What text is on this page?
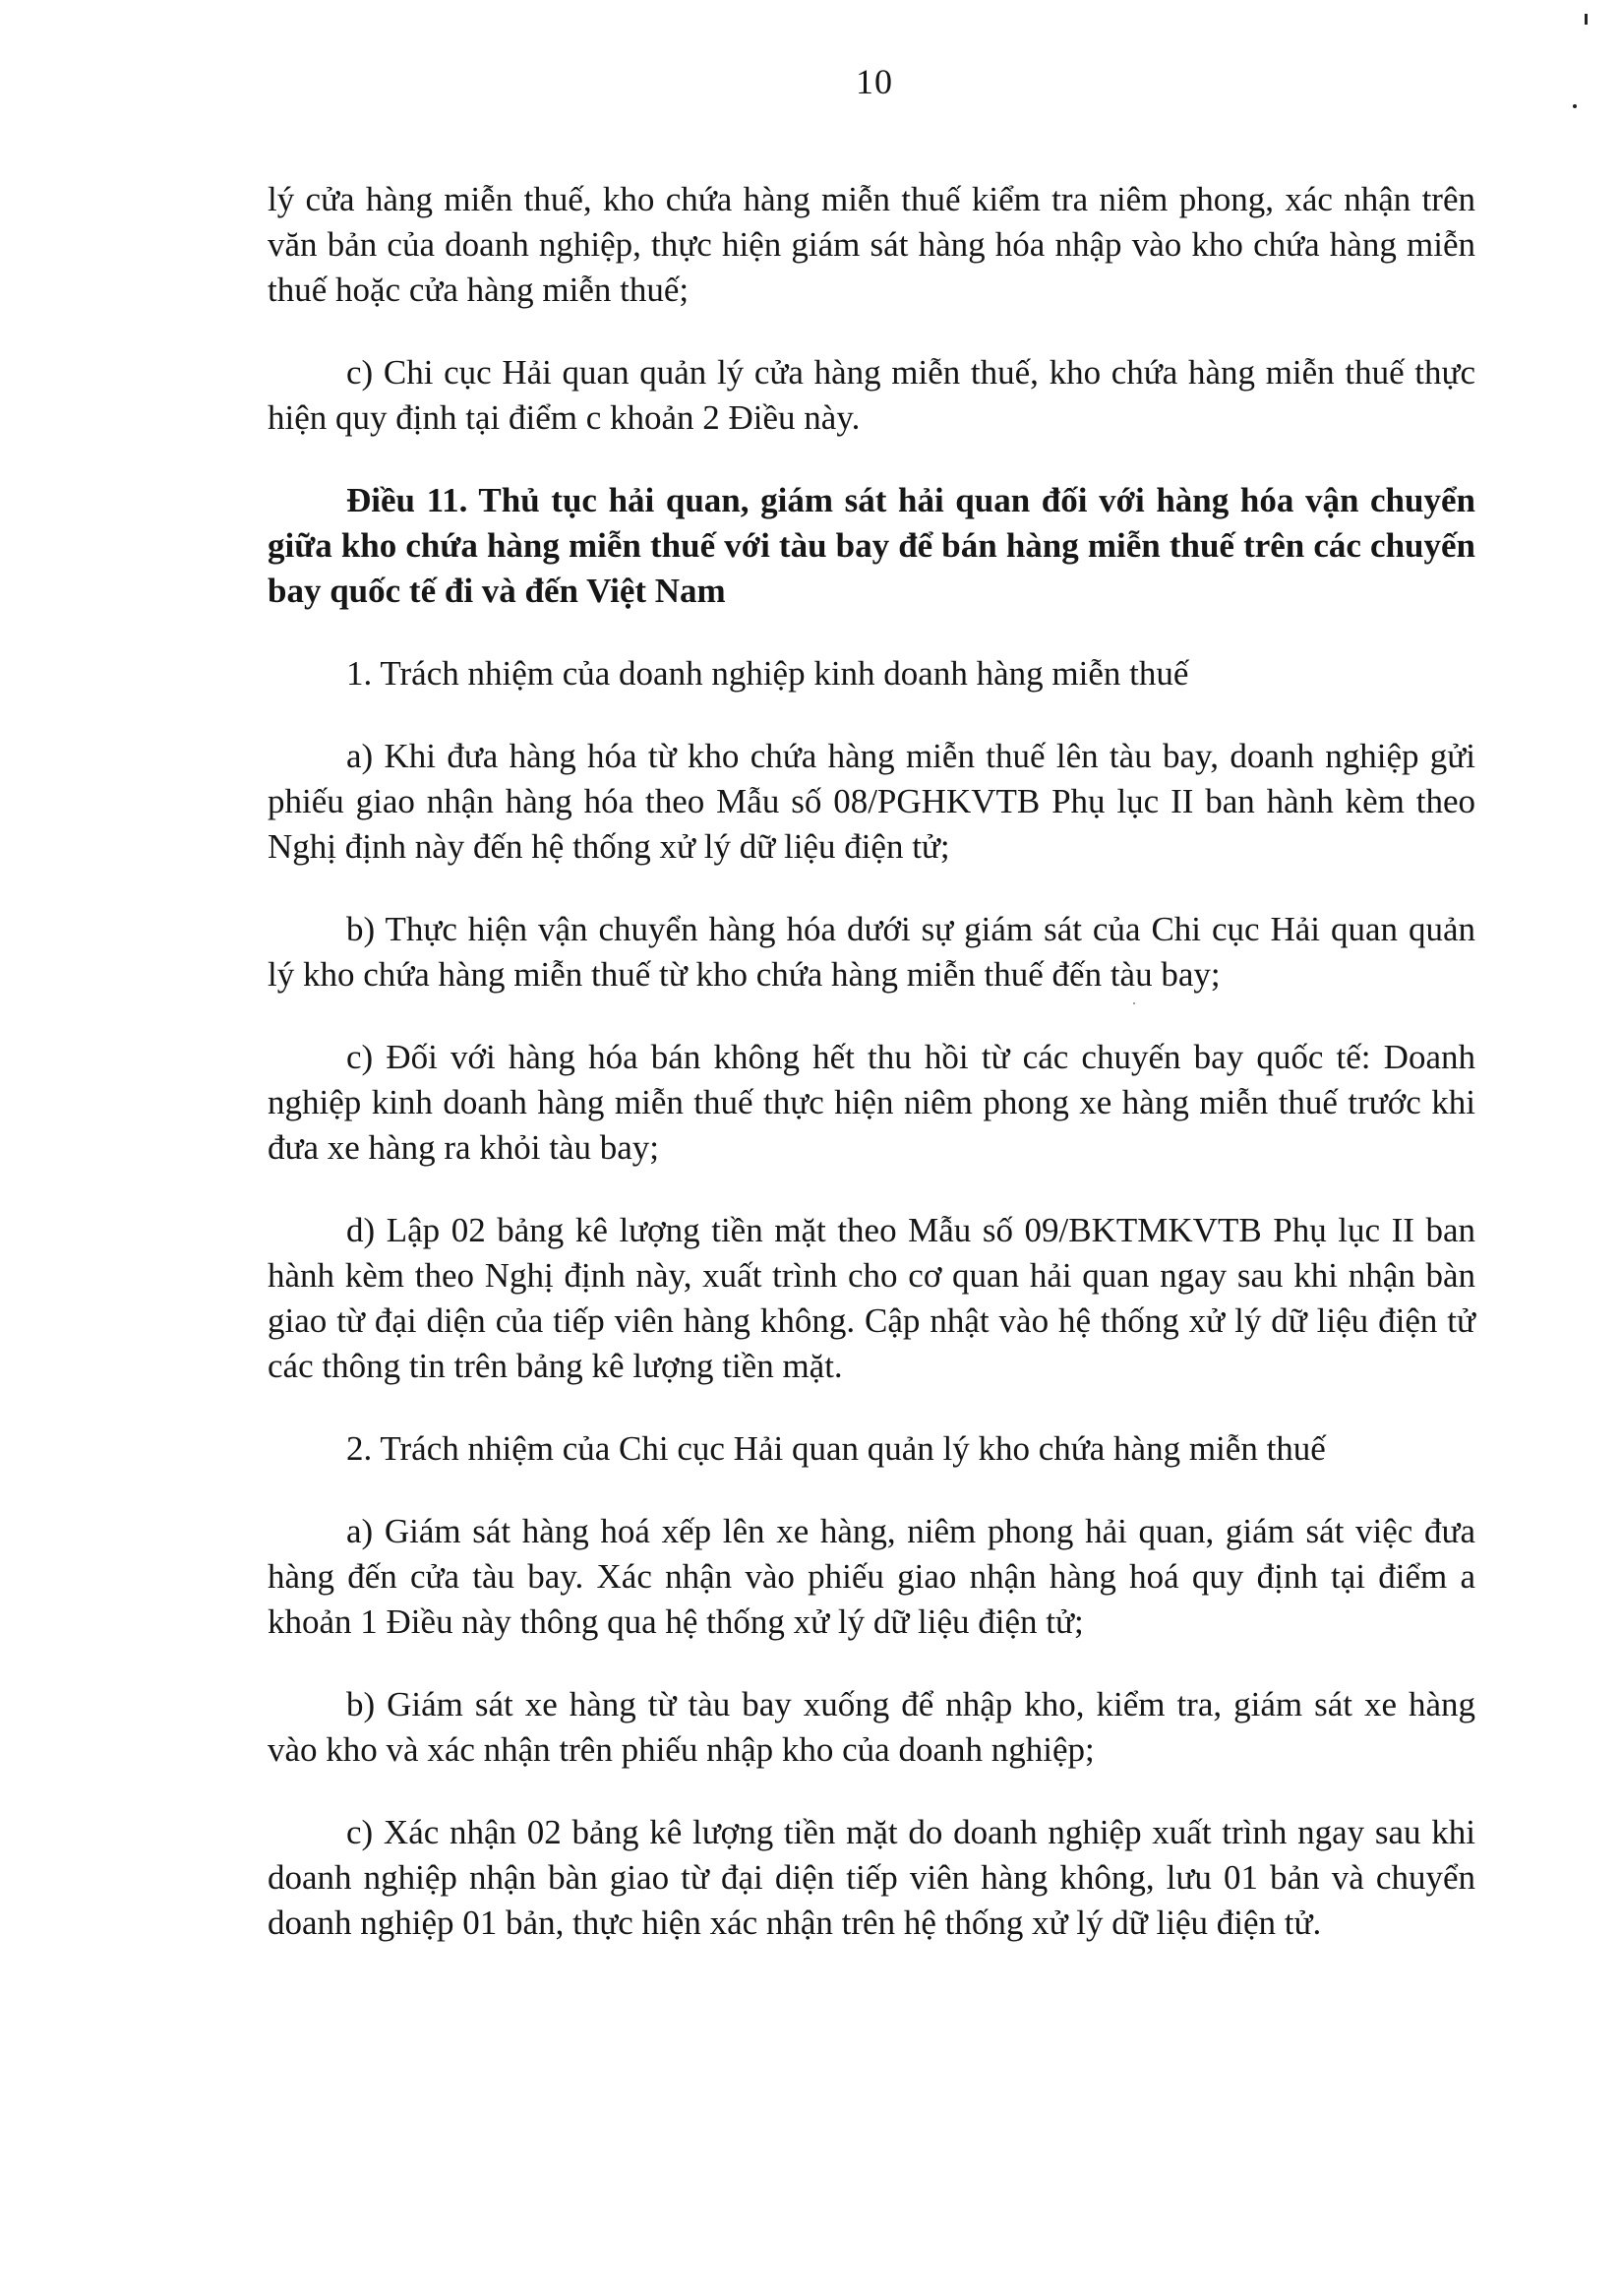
10

lý cửa hàng miễn thuế, kho chứa hàng miễn thuế kiểm tra niêm phong, xác nhận trên văn bản của doanh nghiệp, thực hiện giám sát hàng hóa nhập vào kho chứa hàng miễn thuế hoặc cửa hàng miễn thuế;

c) Chi cục Hải quan quản lý cửa hàng miễn thuế, kho chứa hàng miễn thuế thực hiện quy định tại điểm c khoản 2 Điều này.

Điều 11. Thủ tục hải quan, giám sát hải quan đối với hàng hóa vận chuyển giữa kho chứa hàng miễn thuế với tàu bay để bán hàng miễn thuế trên các chuyến bay quốc tế đi và đến Việt Nam

1. Trách nhiệm của doanh nghiệp kinh doanh hàng miễn thuế

a) Khi đưa hàng hóa từ kho chứa hàng miễn thuế lên tàu bay, doanh nghiệp gửi phiếu giao nhận hàng hóa theo Mẫu số 08/PGHKVTB Phụ lục II ban hành kèm theo Nghị định này đến hệ thống xử lý dữ liệu điện tử;

b) Thực hiện vận chuyển hàng hóa dưới sự giám sát của Chi cục Hải quan quản lý kho chứa hàng miễn thuế từ kho chứa hàng miễn thuế đến tàu bay;

c) Đối với hàng hóa bán không hết thu hồi từ các chuyến bay quốc tế: Doanh nghiệp kinh doanh hàng miễn thuế thực hiện niêm phong xe hàng miễn thuế trước khi đưa xe hàng ra khỏi tàu bay;

d) Lập 02 bảng kê lượng tiền mặt theo Mẫu số 09/BKTMKVTB Phụ lục II ban hành kèm theo Nghị định này, xuất trình cho cơ quan hải quan ngay sau khi nhận bàn giao từ đại diện của tiếp viên hàng không. Cập nhật vào hệ thống xử lý dữ liệu điện tử các thông tin trên bảng kê lượng tiền mặt.

2. Trách nhiệm của Chi cục Hải quan quản lý kho chứa hàng miễn thuế

a) Giám sát hàng hoá xếp lên xe hàng, niêm phong hải quan, giám sát việc đưa hàng đến cửa tàu bay. Xác nhận vào phiếu giao nhận hàng hoá quy định tại điểm a khoản 1 Điều này thông qua hệ thống xử lý dữ liệu điện tử;

b) Giám sát xe hàng từ tàu bay xuống để nhập kho, kiểm tra, giám sát xe hàng vào kho và xác nhận trên phiếu nhập kho của doanh nghiệp;

c) Xác nhận 02 bảng kê lượng tiền mặt do doanh nghiệp xuất trình ngay sau khi doanh nghiệp nhận bàn giao từ đại diện tiếp viên hàng không, lưu 01 bản và chuyển doanh nghiệp 01 bản, thực hiện xác nhận trên hệ thống xử lý dữ liệu điện tử.
